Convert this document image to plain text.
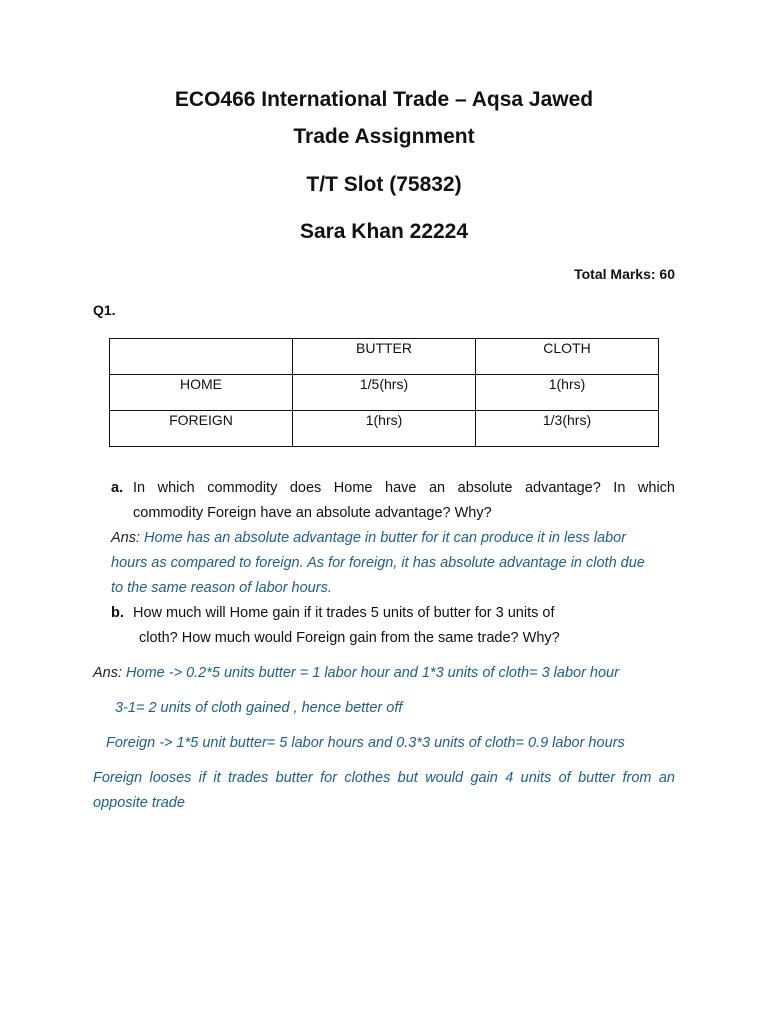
ECO466 International Trade – Aqsa Jawed
Trade Assignment
T/T Slot (75832)
Sara Khan 22224
Total Marks: 60
Q1.
	BUTTER	CLOTH
HOME	1/5(hrs)	1(hrs)
FOREIGN	1(hrs)	1/3(hrs)
a. In which commodity does Home have an absolute advantage? In which
commodity Foreign have an absolute advantage? Why?
Ans: Home has an absolute advantage in butter for it can produce it in less labor
hours as compared to foreign. As for foreign, it has absolute advantage in cloth due
to the same reason of labor hours.
b. How much will Home gain if it trades 5 units of butter for 3 units of
cloth? How much would Foreign gain from the same trade? Why?
Ans: Home -> 0.2*5 units butter = 1 labor hour and 1*3 units of cloth= 3 labor hour
3-1= 2 units of cloth gained , hence better off
Foreign -> 1*5 unit butter= 5 labor hours and 0.3*3 units of cloth= 0.9 labor hours
Foreign looses if it trades butter for clothes but would gain 4 units of butter from an
opposite trade
